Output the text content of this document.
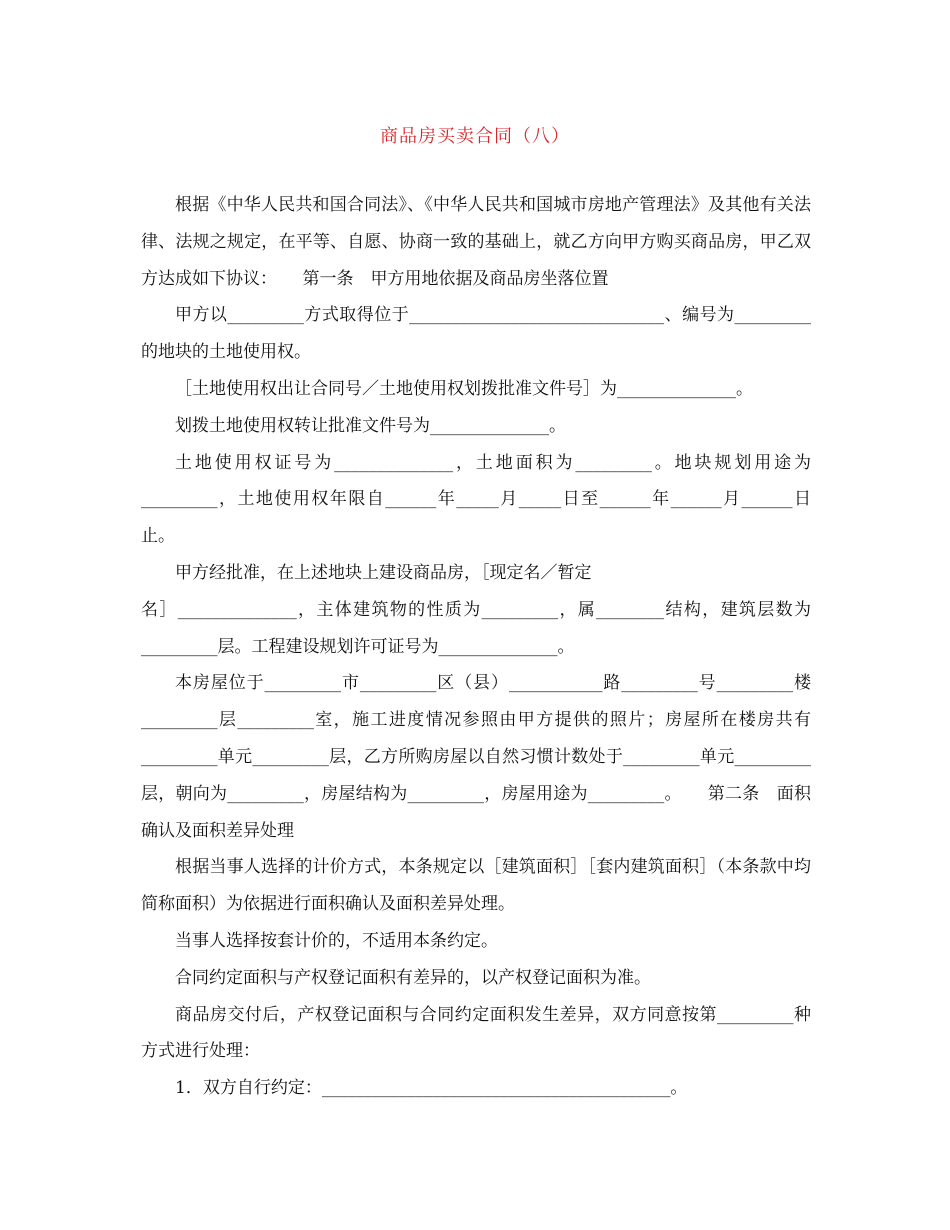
商品房买卖合同（八）

根据《中华人民共和国合同法》、《中华人民共和国城市房地产管理法》及其他有关法律、法规之规定，在平等、自愿、协商一致的基础上，就乙方向甲方购买商品房，甲乙双方达成如下协议：　　第一条　甲方用地依据及商品房坐落位置

甲方以_________方式取得位于______________________________、编号为_________的地块的土地使用权。

［土地使用权出让合同号／土地使用权划拨批准文件号］为______________。

划拨土地使用权转让批准文件号为______________。

土地使用权证号为______________，土地面积为_________。地块规划用途为_________，土地使用权年限自______年_____月_____日至______年______月______日止。

甲方经批准，在上述地块上建设商品房，［现定名／暂定

名］______________，主体建筑物的性质为_________，属________结构，建筑层数为_________层。工程建设规划许可证号为______________。

本房屋位于_________市_________区（县）___________路_________号_________楼_________层_________室，施工进度情况参照由甲方提供的照片；房屋所在楼房共有_________单元_________层，乙方所购房屋以自然习惯计数处于_________单元_________层，朝向为_________，房屋结构为_________，房屋用途为_________。　　第二条　面积确认及面积差异处理

根据当事人选择的计价方式，本条规定以［建筑面积］［套内建筑面积］（本条款中均简称面积）为依据进行面积确认及面积差异处理。

当事人选择按套计价的，不适用本条约定。

合同约定面积与产权登记面积有差异的，以产权登记面积为准。

商品房交付后，产权登记面积与合同约定面积发生差异，双方同意按第_________种方式进行处理：

1．双方自行约定：_________________________________________。
